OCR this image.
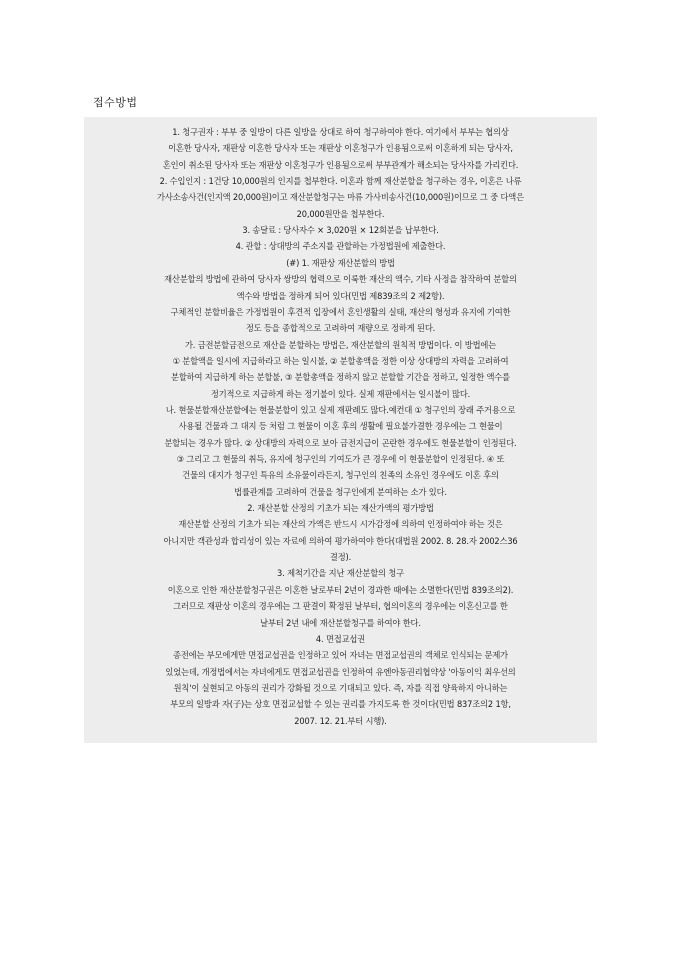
접수방법
1. 청구권자 : 부부 중 일방이 다른 일방을 상대로 하여 청구하여야 한다. 여기에서 부부는 협의상
이혼한 당사자, 재판상 이혼한 당사자 또는 재판상 이혼청구가 인용됨으로써 이혼하게 되는 당사자,
혼인이 취소된 당사자 또는 재판상 이혼청구가 인용됨으로써 부부관계가 해소되는 당사자를 가리킨다.
2. 수입인지 : 1건당 10,000원의 인지를 첩부한다. 이혼과 함께 재산분할을 청구하는 경우, 이혼은 나류
가사소송사건(인지액 20,000원)이고 재산분할청구는 마류 가사비송사건(10,000원)이므로 그 중 다액은
20,000원만을 첩부한다.
3. 송달료 : 당사자수 × 3,020원 × 12회분을 납부한다.
4. 관할 : 상대방의 주소지를 관할하는 가정법원에 제출한다.
(#) 1. 재판상 재산분할의 방법
재산분할의 방법에 관하여 당사자 쌍방의 협력으로 이룩한 재산의 액수, 기타 사정을 참작하여 분할의
액수와 방법을 정하게 되어 있다(민법 제839조의 2 제2항).
구체적인 분할비율은 가정법원이 후견적 입장에서 혼인생활의 실태, 재산의 형성과 유지에 기여한
정도 등을 종합적으로 고려하여 재량으로 정하게 된다.
가. 금전분할금전으로 재산을 분할하는 방법은, 재산분할의 원칙적 방법이다. 이 방법에는
① 분할액을 일시에 지급하라고 하는 일시불, ② 분할총액을 정한 이상 상대방의 자력을 고려하여
분할하여 지급하게 하는 분할불, ③ 분할총액을 정하지 않고 분할할 기간을 정하고, 일정한 액수를
정기적으로 지급하게 하는 정기불이 있다. 실제 재판에서는 일시불이 많다.
나. 현물분할재산분할에는 현물분할이 있고 실제 재판례도 많다.예컨대 ① 청구인의 장래 주거용으로
사용될 건물과 그 대지 등 처럼 그 현물이 이혼 후의 생활에 필요불가결한 경우에는 그 현물이
분할되는 경우가 많다. ② 상대방의 자력으로 보아 금전지급이 곤란한 경우에도 현물분할이 인정된다.
③ 그리고 그 현물의 취득, 유지에 청구인의 기여도가 큰 경우에 이 현물분할이 인정된다. ④ 또
건물의 대지가 청구인 특유의 소유물이라든지, 청구인의 친족의 소유인 경우에도 이혼 후의
법률관계를 고려하여 건물을 청구인에게 분여하는 소가 있다.
2. 재산분할 산정의 기초가 되는 재산가액의 평가방법
재산분할 산정의 기초가 되는 재산의 가액은 반드시 시가감정에 의하여 인정하여야 하는 것은
아니지만 객관성과 합리성이 있는 자료에 의하여 평가하여야 한다(대법원 2002. 8. 28.자 2002스36
결정).
3. 제척기간을 지난 재산분할의 청구
이혼으로 인한 재산분할청구권은 이혼한 날로부터 2년이 경과한 때에는 소멸한다(민법 839조의2).
그러므로 재판상 이혼의 경우에는 그 판결이 확정된 날부터, 협의이혼의 경우에는 이혼신고를 한
날부터 2년 내에 재산분할청구를 하여야 한다.
4. 면접교섭권
종전에는 부모에게만 면접교섭권을 인정하고 있어 자녀는 면접교섭권의 객체로 인식되는 문제가
있었는데, 개정법에서는 자녀에게도 면접교섭권을 인정하여 유엔아동권리협약상 '아동이익 최우선의
원칙'이 실현되고 아동의 권리가 강화될 것으로 기대되고 있다. 즉, 자를 직접 양육하지 아니하는
부모의 일방과 자(子)는 상호 면접교섭할 수 있는 권리를 가지도록 한 것이다(민법 837조의2 1항,
2007. 12. 21.부터 시행).
